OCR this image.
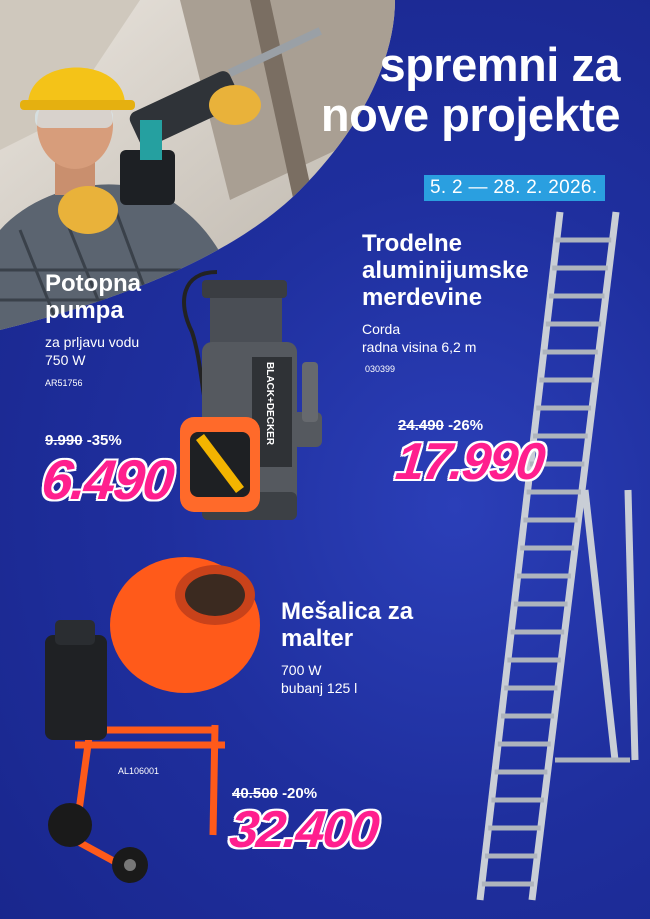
spremni za
nove projekte
5. 2 — 28. 2. 2026.
Potopna
pumpa
za prljavu vodu
750 W
AR51756	BLACK+DECKER
9.990 -35%
6.490
Trodelne
aluminijumske
merdevine
Corda
radna visina 6,2 m
030399
24.490 -26%
17.990
Mešalica za
malter
700 W
bubanj 125 l
AL106001
40.500 -20%
32.400
